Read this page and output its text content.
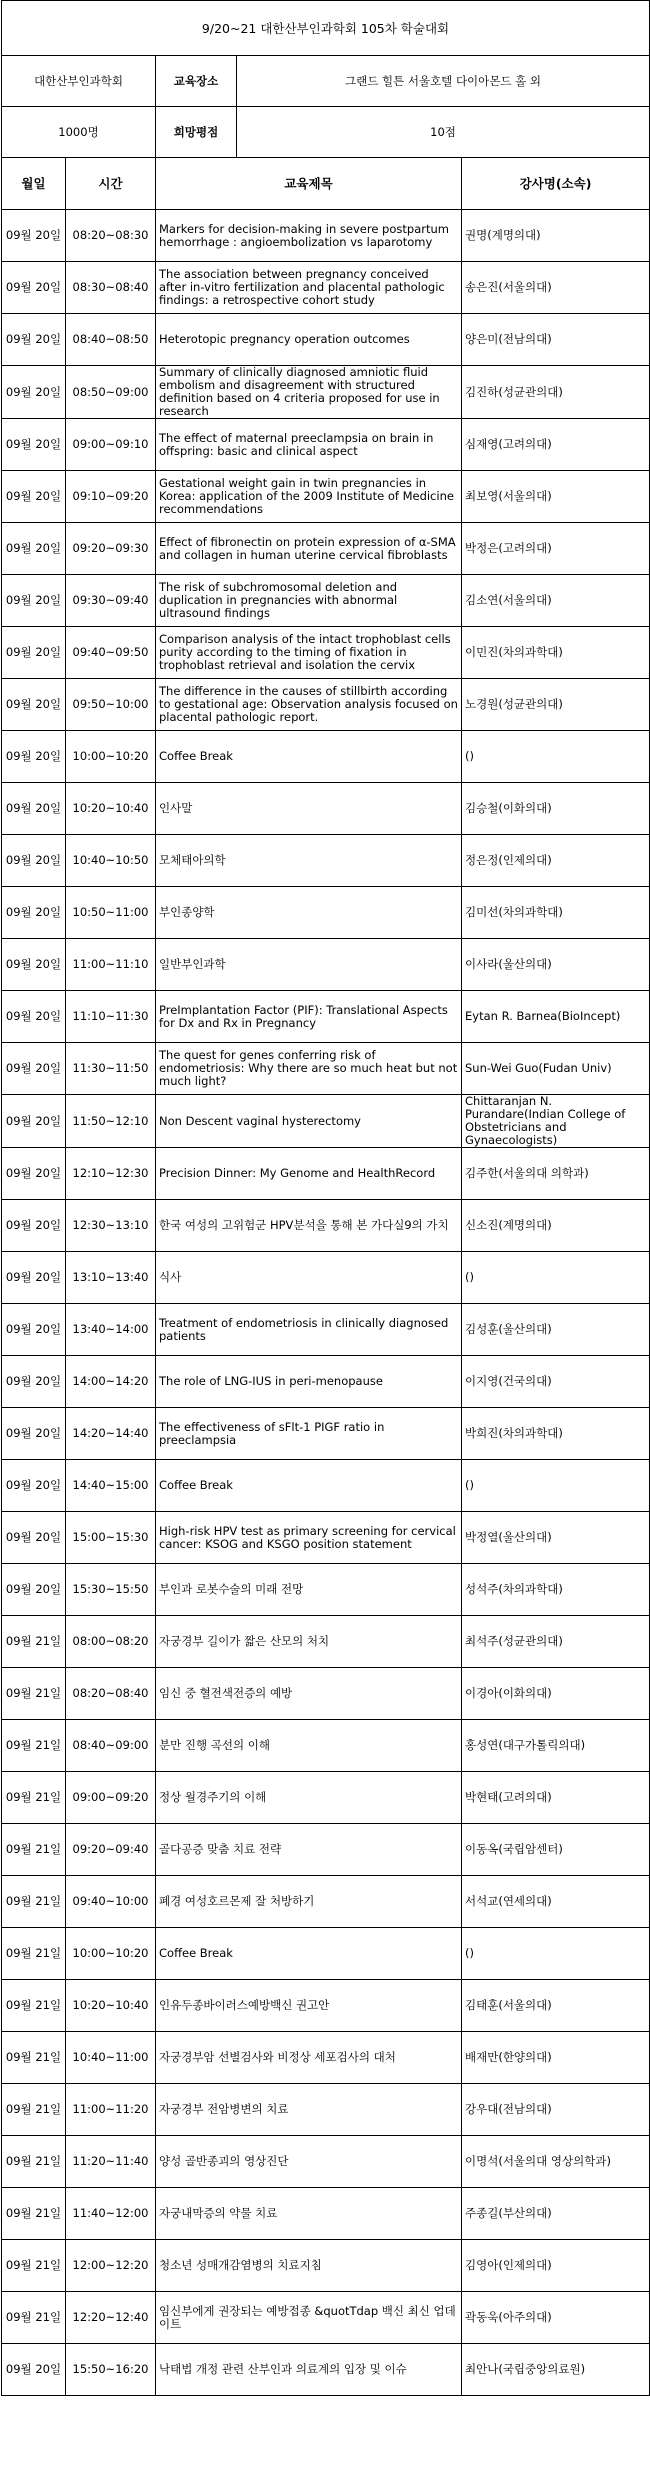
9/20~21 대한산부인과학회 105차 학술대회			
대한산부인과학회		교육장소 그랜드 힐튼 서울호텔 다이아몬드 홀 외	

1000명		희망평점 10점	

월일	시간	교육제목	강사명(소속)
09월 20일	08:20~08:30	Markers for decision-making in severe postpartum hemorrhage : angioembolization vs laparotomy	권명(계명의대)
09월 20일	08:30~08:40	The association between pregnancy conceived after in-vitro fertilization and placental pathologic findings: a retrospective cohort study	송은진(서울의대)
09월 20일	08:40~08:50	Heterotopic pregnancy operation outcomes	양은미(전남의대)
09월 20일	08:50~09:00	Summary of clinically diagnosed amniotic fluid embolism and disagreement with structured definition based on 4 criteria proposed for use in research	김진하(성균관의대)
09월 20일	09:00~09:10	The effect of maternal preeclampsia on brain in offspring: basic and clinical aspect	심재영(고려의대)
09월 20일	09:10~09:20	Gestational weight gain in twin pregnancies in Korea: application of the 2009 Institute of Medicine recommendations	최보영(서울의대)
09월 20일	09:20~09:30	Effect of fibronectin on protein expression of α-SMA and collagen in human uterine cervical fibroblasts	박정은(고려의대)
09월 20일	09:30~09:40	The risk of subchromosomal deletion and duplication in pregnancies with abnormal ultrasound findings	김소연(서울의대)
09월 20일	09:40~09:50	Comparison analysis of the intact trophoblast cells purity according to the timing of fixation in trophoblast retrieval and isolation the cervix	이민진(차의과학대)
09월 20일	09:50~10:00	The difference in the causes of stillbirth according to gestational age: Observation analysis focused on placental pathologic report.	노경원(성균관의대)
09월 20일	10:00~10:20	Coffee Break	()
09월 20일	10:20~10:40	인사말	김승철(이화의대)
09월 20일	10:40~10:50	모체태아의학	정은정(인제의대)
09월 20일	10:50~11:00	부인종양학	김미선(차의과학대)
09월 20일	11:00~11:10	일반부인과학	이사라(울산의대)
09월 20일	11:10~11:30	PreImplantation Factor (PIF): Translational Aspects for Dx and Rx in Pregnancy	Eytan R. Barnea(BioIncept)
09월 20일	11:30~11:50	The quest for genes conferring risk of endometriosis: Why there are so much heat but not much light?	Sun-Wei Guo(Fudan Univ)
09월 20일	11:50~12:10	Non Descent vaginal hysterectomy	Chittaranjan N. Purandare(Indian College of Obstetricians and Gynaecologists)
09월 20일	12:10~12:30	Precision Dinner: My Genome and HealthRecord	김주한(서울의대 의학과)
09월 20일	12:30~13:10	한국 여성의 고위험군 HPV분석을 통해 본 가다실9의 가치	신소진(계명의대)
09월 20일	13:10~13:40	식사	()
09월 20일	13:40~14:00	Treatment of endometriosis in clinically diagnosed patients	김성훈(울산의대)
09월 20일	14:00~14:20	The role of LNG-IUS in peri-menopause	이지영(건국의대)
09월 20일	14:20~14:40	The effectiveness of sFlt-1 PIGF ratio in preeclampsia	박희진(차의과학대)
09월 20일	14:40~15:00	Coffee Break	()
09월 20일	15:00~15:30	High-risk HPV test as primary screening for cervical cancer: KSOG and KSGO position statement	박정열(울산의대)
09월 20일	15:30~15:50	부인과 로봇수술의 미래 전망	성석주(차의과학대)
09월 21일	08:00~08:20	자궁경부 길이가 짧은 산모의 처치	최석주(성균관의대)
09월 21일	08:20~08:40	임신 중 혈전색전증의 예방	이경아(이화의대)
09월 21일	08:40~09:00	분만 진행 곡선의 이해	홍성연(대구가톨릭의대)
09월 21일	09:00~09:20	정상 월경주기의 이해	박현태(고려의대)
09월 21일	09:20~09:40	골다공증 맞춤 치료 전략	이동옥(국립암센터)
09월 21일	09:40~10:00	폐경 여성호르몬제 잘 처방하기	서석교(연세의대)
09월 21일	10:00~10:20	Coffee Break	()
09월 21일	10:20~10:40	인유두종바이러스예방백신 권고안	김태훈(서울의대)
09월 21일	10:40~11:00	자궁경부암 선별검사와 비정상 세포검사의 대처	배재만(한양의대)
09월 21일	11:00~11:20	자궁경부 전암병변의 치료	강우대(전남의대)
09월 21일	11:20~11:40	양성 골반종괴의 영상진단	이명석(서울의대 영상의학과)
09월 21일	11:40~12:00	자궁내막증의 약물 치료	주종길(부산의대)
09월 21일	12:00~12:20	청소년 성매개감염병의 치료지침	김영아(인제의대)
09월 21일	12:20~12:40	임신부에게 권장되는 예방접종 &quotTdap 백신 최신 업데이트	곽동욱(아주의대)
09월 20일	15:50~16:20	낙태법 개정 관련 산부인과 의료계의 입장 및 이슈	최안나(국립중앙의료원)
